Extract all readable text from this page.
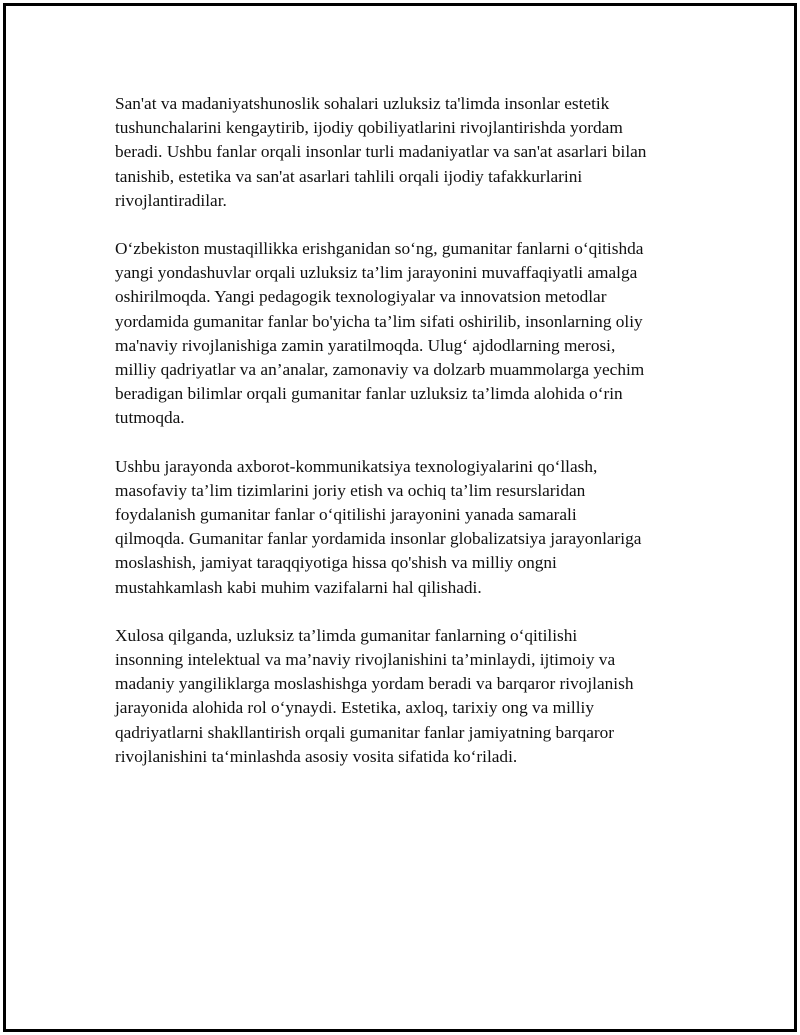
San'at va madaniyatshunoslik sohalari uzluksiz ta'limda insonlar estetik
tushunchalarini kengaytirib, ijodiy qobiliyatlarini rivojlantirishda yordam
beradi. Ushbu fanlar orqali insonlar turli madaniyatlar va san'at asarlari bilan
tanishib, estetika va san'at asarlari tahlili orqali ijodiy tafakkurlarini
rivojlantiradilar.

O‘zbekiston mustaqillikka erishganidan so‘ng, gumanitar fanlarni o‘qitishda
yangi yondashuvlar orqali uzluksiz ta’lim jarayonini muvaffaqiyatli amalga
oshirilmoqda. Yangi pedagogik texnologiyalar va innovatsion metodlar
yordamida gumanitar fanlar bo'yicha ta’lim sifati oshirilib, insonlarning oliy
ma'naviy rivojlanishiga zamin yaratilmoqda. Ulug‘ ajdodlarning merosi,
milliy qadriyatlar va an’analar, zamonaviy va dolzarb muammolarga yechim
beradigan bilimlar orqali gumanitar fanlar uzluksiz ta’limda alohida o‘rin
tutmoqda.

Ushbu jarayonda axborot-kommunikatsiya texnologiyalarini qo‘llash,
masofaviy ta’lim tizimlarini joriy etish va ochiq ta’lim resurslaridan
foydalanish gumanitar fanlar o‘qitilishi jarayonini yanada samarali
qilmoqda. Gumanitar fanlar yordamida insonlar globalizatsiya jarayonlariga
moslashish, jamiyat taraqqiyotiga hissa qo'shish va milliy ongni
mustahkamlash kabi muhim vazifalarni hal qilishadi.

Xulosa qilganda, uzluksiz ta’limda gumanitar fanlarning o‘qitilishi
insonning intelektual va ma’naviy rivojlanishini ta’minlaydi, ijtimoiy va
madaniy yangiliklarga moslashishga yordam beradi va barqaror rivojlanish
jarayonida alohida rol o‘ynaydi. Estetika, axloq, tarixiy ong va milliy
qadriyatlarni shakllantirish orqali gumanitar fanlar jamiyatning barqaror
rivojlanishini ta‘minlashda asosiy vosita sifatida ko‘riladi.
